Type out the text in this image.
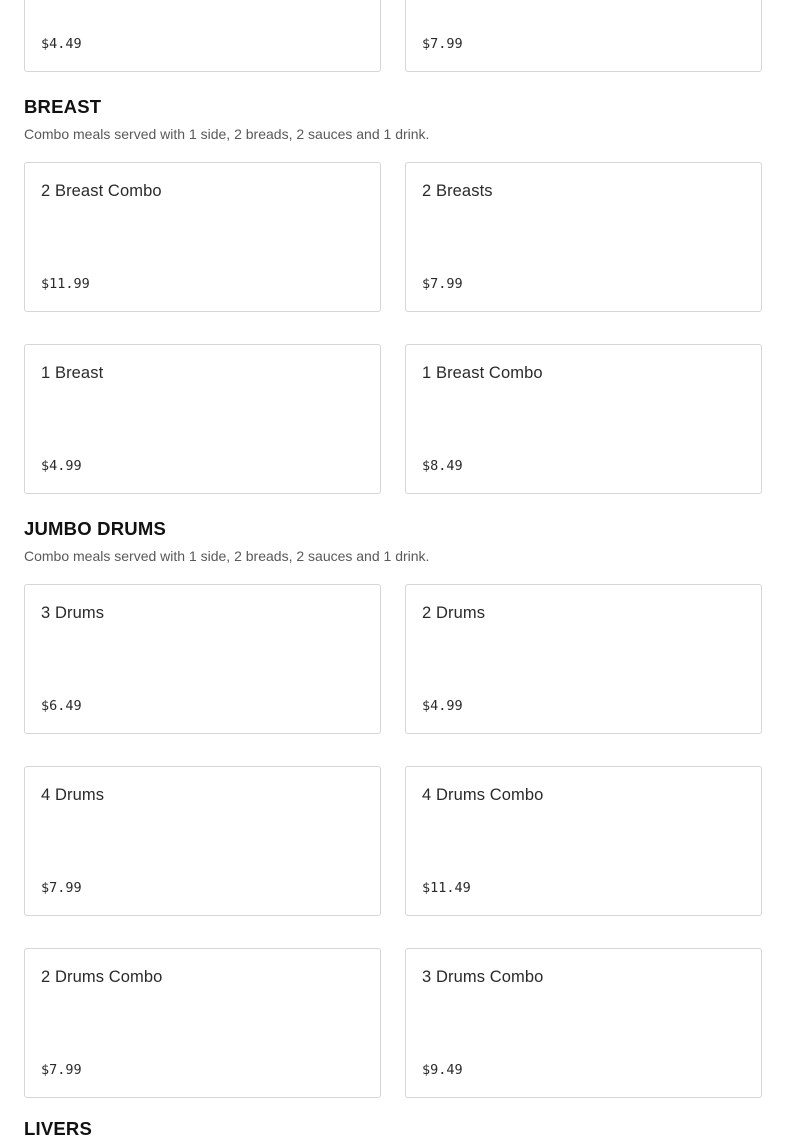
$4.49	$7.99
BREAST

Combo meals served with 1 side, 2 breads, 2 sauces and 1 drink.

2 Breast Combo
$11.99
2 Breasts
$7.99
1 Breast
$4.99
1 Breast Combo
$8.49
JUMBO DRUMS

Combo meals served with 1 side, 2 breads, 2 sauces and 1 drink.

3 Drums
$6.49
2 Drums
$4.99
4 Drums
$7.99
4 Drums Combo
$11.49
2 Drums Combo
$7.99
3 Drums Combo
$9.49
LIVERS
